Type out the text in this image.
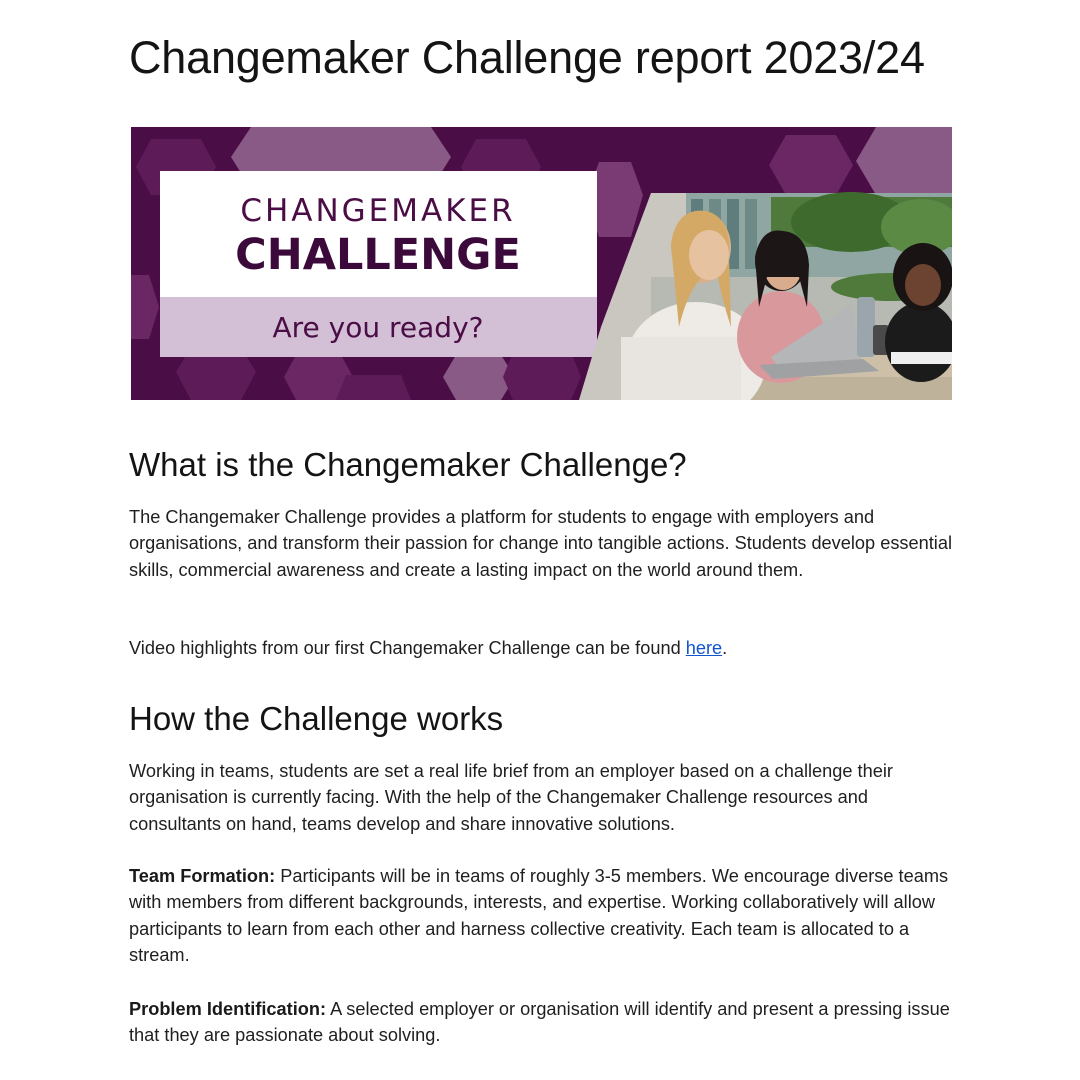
Changemaker Challenge report 2023/24
CHANGEMAKER
CHALLENGE
Are you ready?
What is the Changemaker Challenge?

The Changemaker Challenge provides a platform for students to engage with employers and organisations, and transform their passion for change into tangible actions. Students develop essential skills, commercial awareness and create a lasting impact on the world around them.

Video highlights from our first Changemaker Challenge can be found here.

How the Challenge works

Working in teams, students are set a real life brief from an employer based on a challenge their organisation is currently facing. With the help of the Changemaker Challenge resources and consultants on hand, teams develop and share innovative solutions.

Team Formation: Participants will be in teams of roughly 3-5 members. We encourage diverse teams with members from different backgrounds, interests, and expertise. Working collaboratively will allow participants to learn from each other and harness collective creativity. Each team is allocated to a stream.

Problem Identification: A selected employer or organisation will identify and present a pressing issue that they are passionate about solving.
